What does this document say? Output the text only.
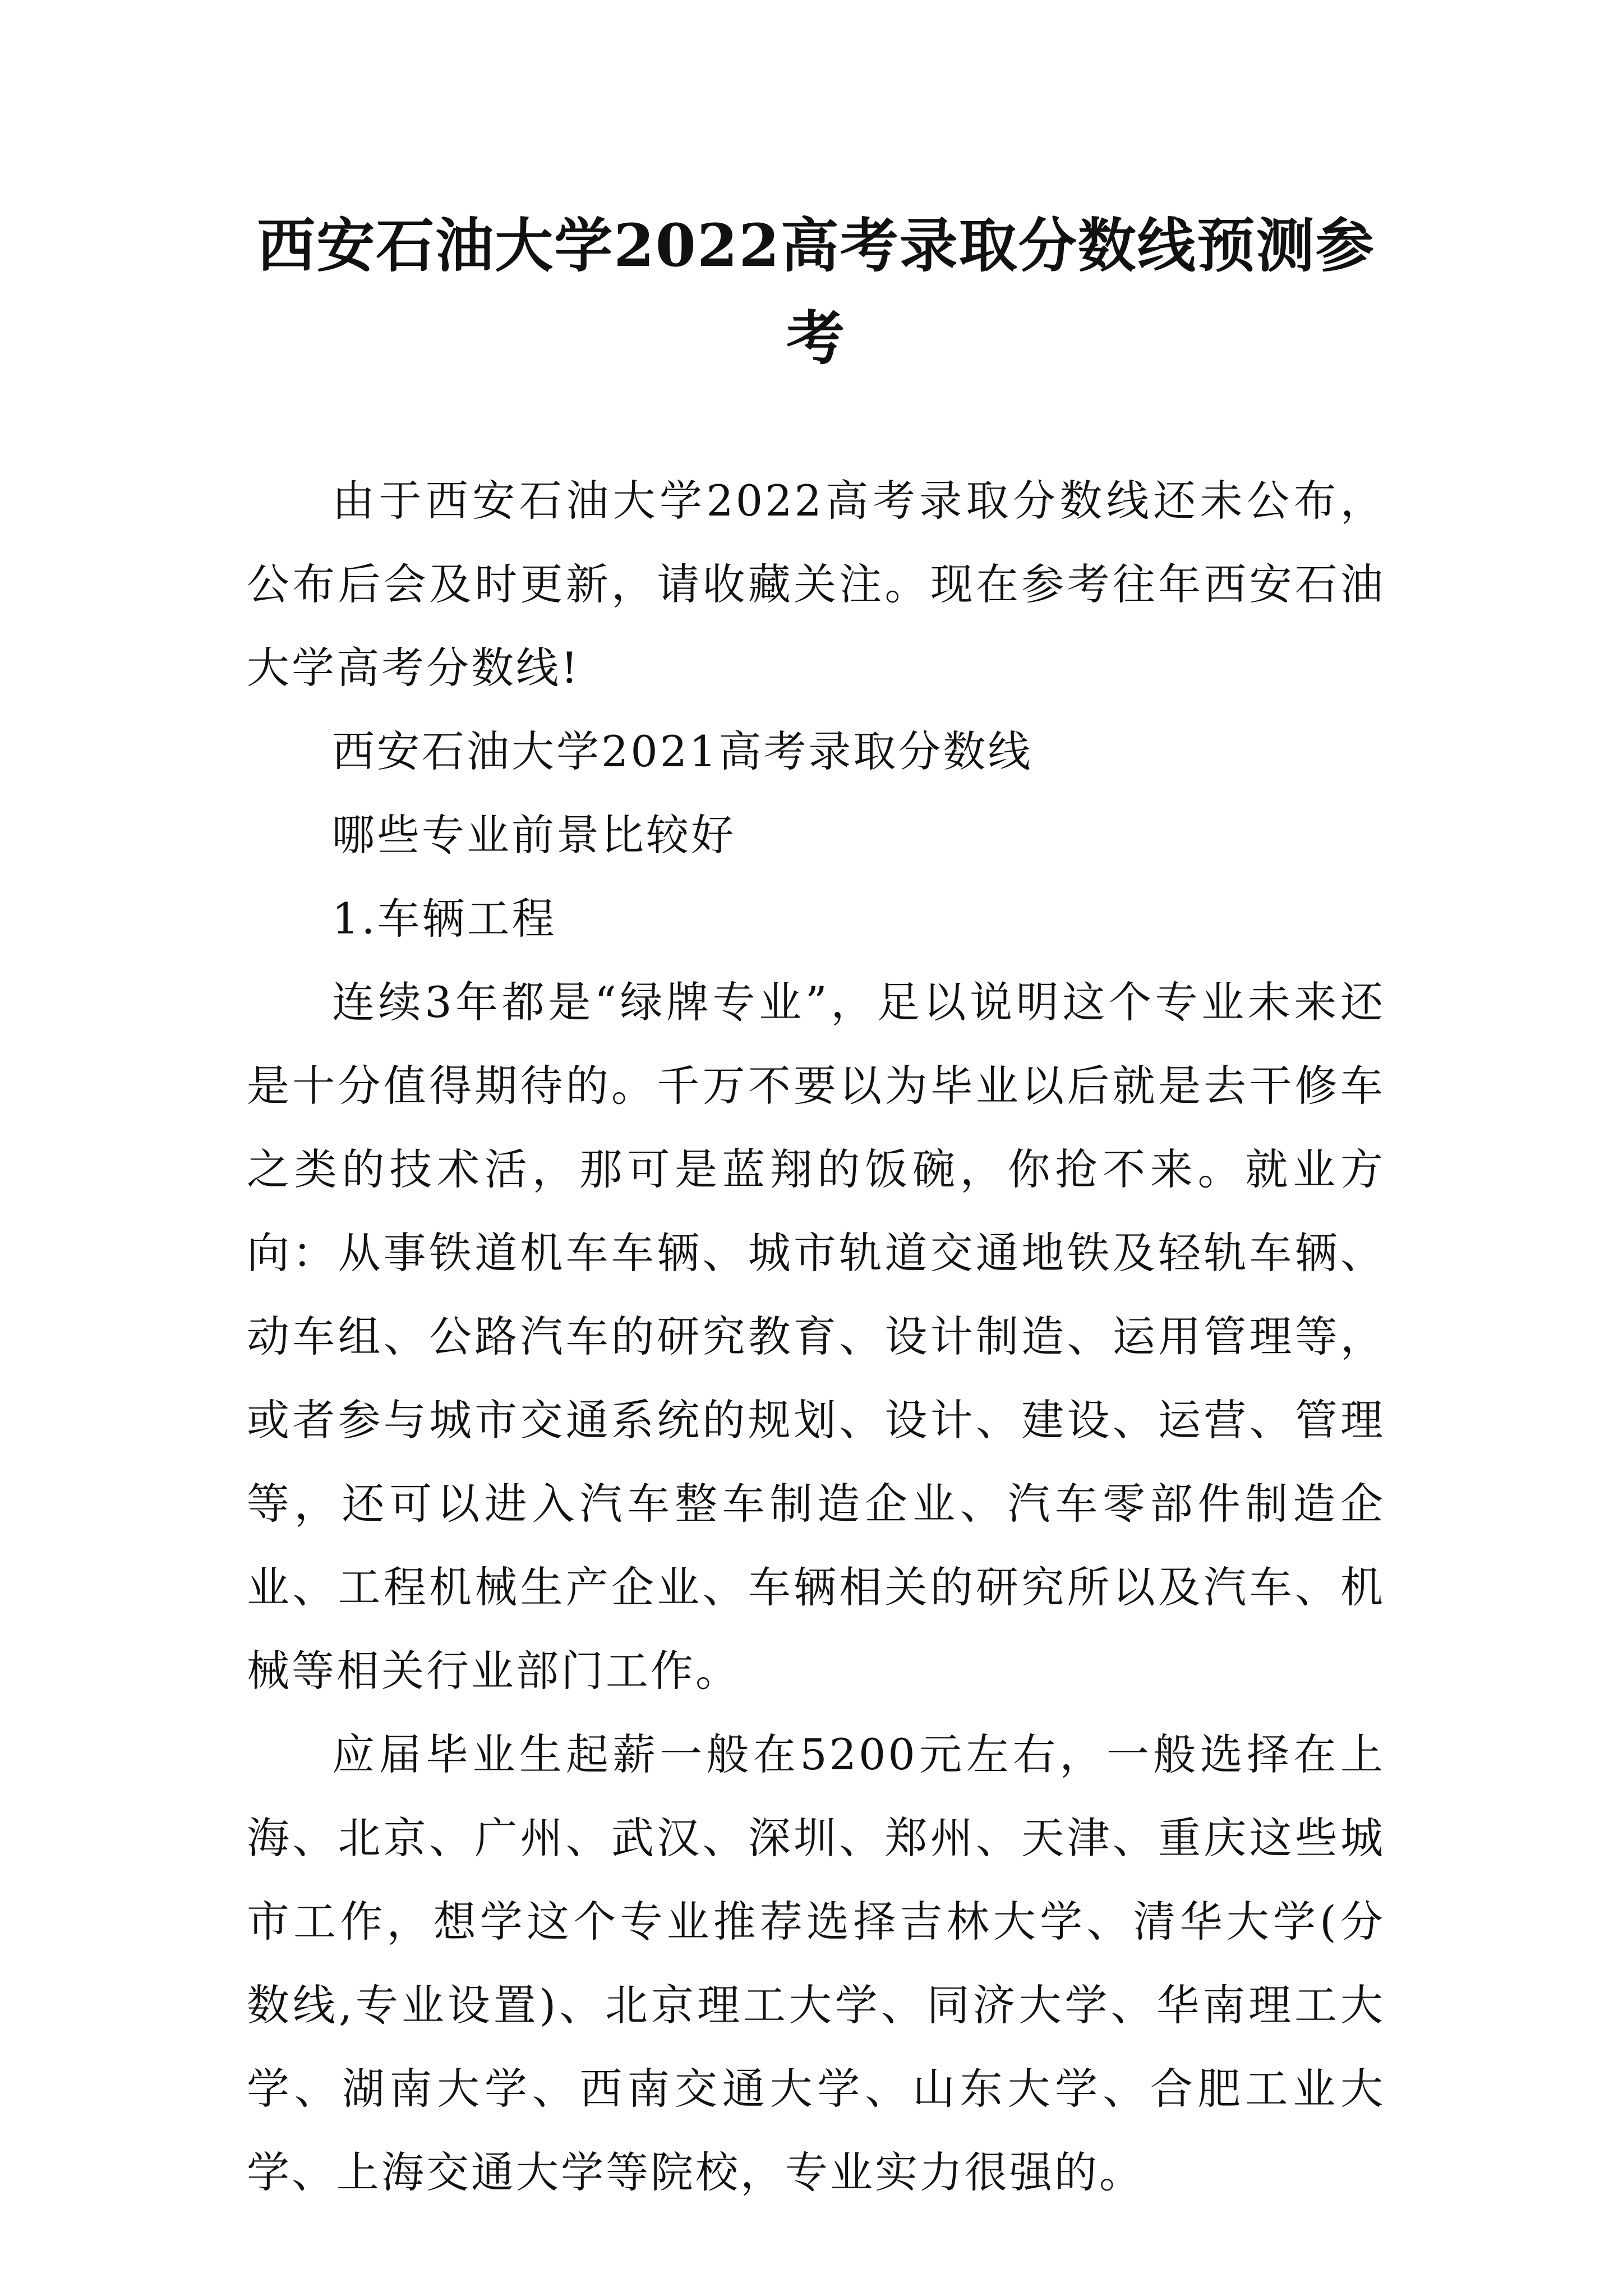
西安石油大学2022高考录取分数线预测参考

由于西安石油大学2022高考录取分数线还未公布，公布后会及时更新，请收藏关注。现在参考往年西安石油大学高考分数线!

西安石油大学2021高考录取分数线

哪些专业前景比较好

1.车辆工程

连续3年都是“绿牌专业”，足以说明这个专业未来还是十分值得期待的。千万不要以为毕业以后就是去干修车之类的技术活，那可是蓝翔的饭碗，你抢不来。就业方向：从事铁道机车车辆、城市轨道交通地铁及轻轨车辆、动车组、公路汽车的研究教育、设计制造、运用管理等，或者参与城市交通系统的规划、设计、建设、运营、管理等，还可以进入汽车整车制造企业、汽车零部件制造企业、工程机械生产企业、车辆相关的研究所以及汽车、机械等相关行业部门工作。

应届毕业生起薪一般在5200元左右，一般选择在上海、北京、广州、武汉、深圳、郑州、天津、重庆这些城市工作，想学这个专业推荐选择吉林大学、清华大学(分数线,专业设置)、北京理工大学、同济大学、华南理工大学、湖南大学、西南交通大学、山东大学、合肥工业大学、上海交通大学等院校，专业实力很强的。
